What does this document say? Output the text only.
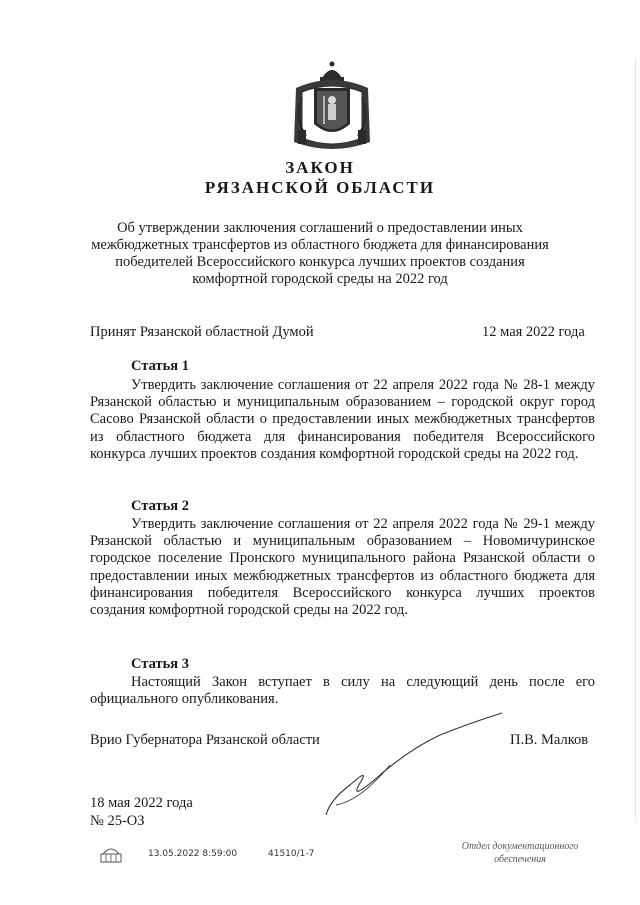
ЗАКОН
РЯЗАНСКОЙ ОБЛАСТИ
Об утверждении заключения соглашений о предоставлении иных
межбюджетных трансфертов из областного бюджета для финансирования
победителей Всероссийского конкурса лучших проектов создания
комфортной городской среды на 2022 год
Принят Рязанской областной Думой	12 мая 2022 года
Статья 1
Утвердить заключение соглашения от 22 апреля 2022 года № 28-1 между Рязанской областью и муниципальным образованием – городской округ город Сасово Рязанской области о предоставлении иных межбюджетных трансфертов из областного бюджета для финансирования победителя Всероссийского конкурса лучших проектов создания комфортной городской среды на 2022 год.
Статья 2
Утвердить заключение соглашения от 22 апреля 2022 года № 29-1 между Рязанской областью и муниципальным образованием – Новомичуринское городское поселение Пронского муниципального района Рязанской области о предоставлении иных межбюджетных трансфертов из областного бюджета для финансирования победителя Всероссийского конкурса лучших проектов создания комфортной городской среды на 2022 год.
Статья 3
Настоящий Закон вступает в силу на следующий день после его официального опубликования.
Врио Губернатора Рязанской области	П.В. Малков
18 мая 2022 года
№ 25-ОЗ
13.05.2022 8:59:00	41510/1-7
Отдел документационного
обеспечения
